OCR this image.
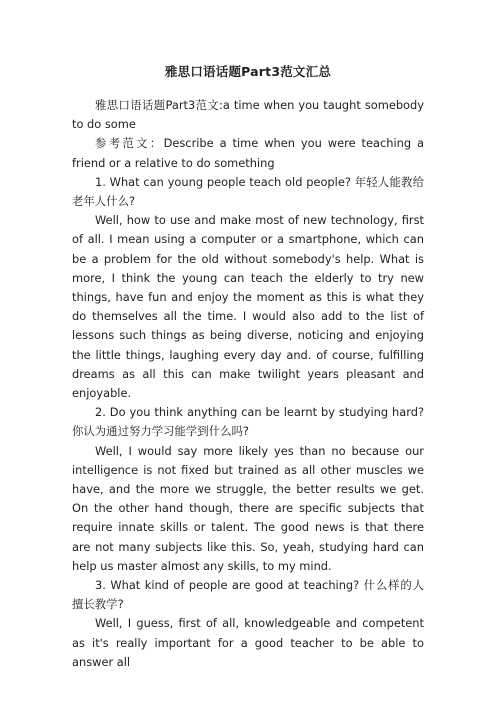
雅思口语话题Part3范文汇总

雅思口语话题Part3范文:a time when you taught somebody to do some

参考范文：Describe a time when you were teaching a friend or a relative to do something

1. What can young people teach old people? 年轻人能教给老年人什么?

Well, how to use and make most of new technology, first of all. I mean using a computer or a smartphone, which can be a problem for the old without somebody's help. What is more, I think the young can teach the elderly to try new things, have fun and enjoy the moment as this is what they do themselves all the time. I would also add to the list of lessons such things as being diverse, noticing and enjoying the little things, laughing every day and. of course, fulfilling dreams as all this can make twilight years pleasant and enjoyable.

2. Do you think anything can be learnt by studying hard? 你认为通过努力学习能学到什么吗?

Well, I would say more likely yes than no because our intelligence is not fixed but trained as all other muscles we have, and the more we struggle, the better results we get. On the other hand though, there are specific subjects that require innate skills or talent. The good news is that there are not many subjects like this. So, yeah, studying hard can help us master almost any skills, to my mind.

3. What kind of people are good at teaching? 什么样的人擅长教学?

Well, I guess, first of all, knowledgeable and competent as it's really important for a good teacher to be able to answer all
